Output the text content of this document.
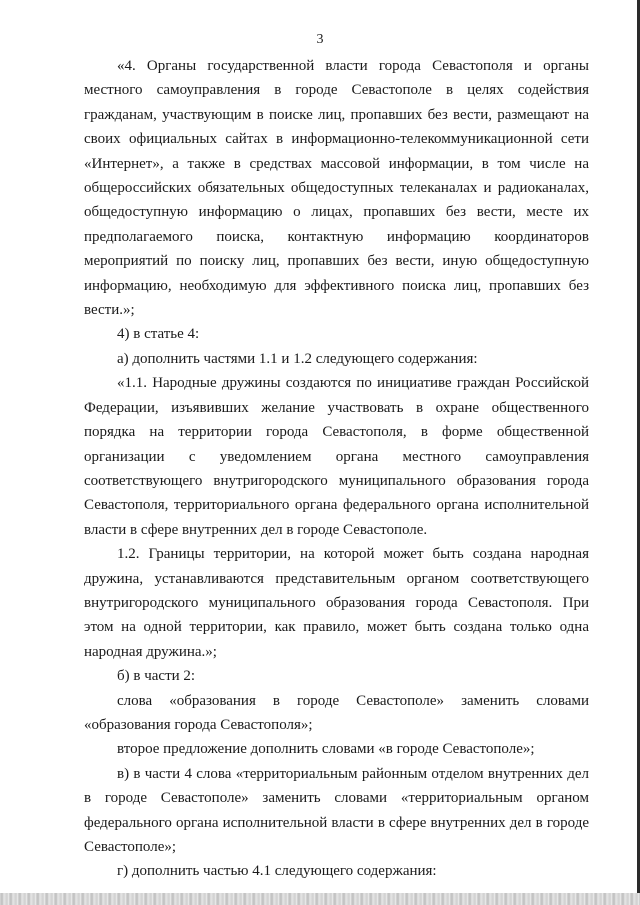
3

«4. Органы государственной власти города Севастополя и органы местного самоуправления в городе Севастополе в целях содействия гражданам, участвующим в поиске лиц, пропавших без вести, размещают на своих официальных сайтах в информационно-телекоммуникационной сети «Интернет», а также в средствах массовой информации, в том числе на общероссийских обязательных общедоступных телеканалах и радиоканалах, общедоступную информацию о лицах, пропавших без вести, месте их предполагаемого поиска, контактную информацию координаторов мероприятий по поиску лиц, пропавших без вести, иную общедоступную информацию, необходимую для эффективного поиска лиц, пропавших без вести.»;

4) в статье 4:

а) дополнить частями 1.1 и 1.2 следующего содержания:

«1.1. Народные дружины создаются по инициативе граждан Российской Федерации, изъявивших желание участвовать в охране общественного порядка на территории города Севастополя, в форме общественной организации с уведомлением органа местного самоуправления соответствующего внутригородского муниципального образования города Севастополя, территориального органа федерального органа исполнительной власти в сфере внутренних дел в городе Севастополе.

1.2. Границы территории, на которой может быть создана народная дружина, устанавливаются представительным органом соответствующего внутригородского муниципального образования города Севастополя. При этом на одной территории, как правило, может быть создана только одна народная дружина.»;

б) в части 2:

слова «образования в городе Севастополе» заменить словами «образования города Севастополя»;

второе предложение дополнить словами «в городе Севастополе»;

в) в части 4 слова «территориальным районным отделом внутренних дел в городе Севастополе» заменить словами «территориальным органом федерального органа исполнительной власти в сфере внутренних дел в городе Севастополе»;

г) дополнить частью 4.1 следующего содержания:
